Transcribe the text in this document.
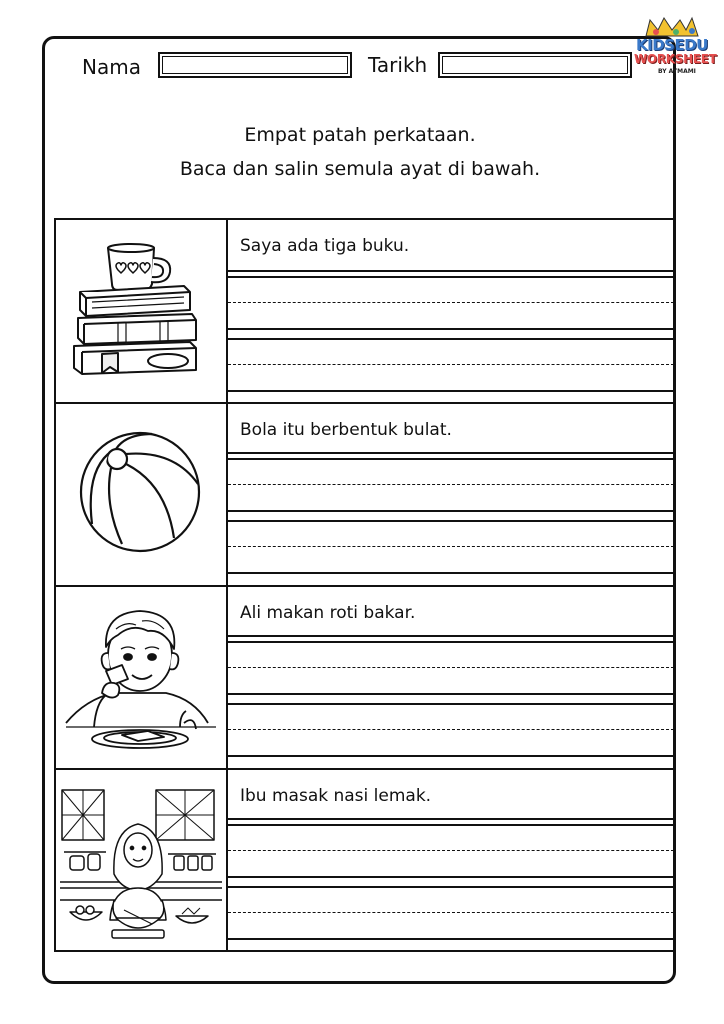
Nama	Tarikh
KIDSEDU
WORKSHEET
BY AYMAMI
Empat patah perkataan.
Baca dan salin semula ayat di bawah.
Saya ada tiga buku.
Bola itu berbentuk bulat.
Ali makan roti bakar.
Ibu masak nasi lemak.
